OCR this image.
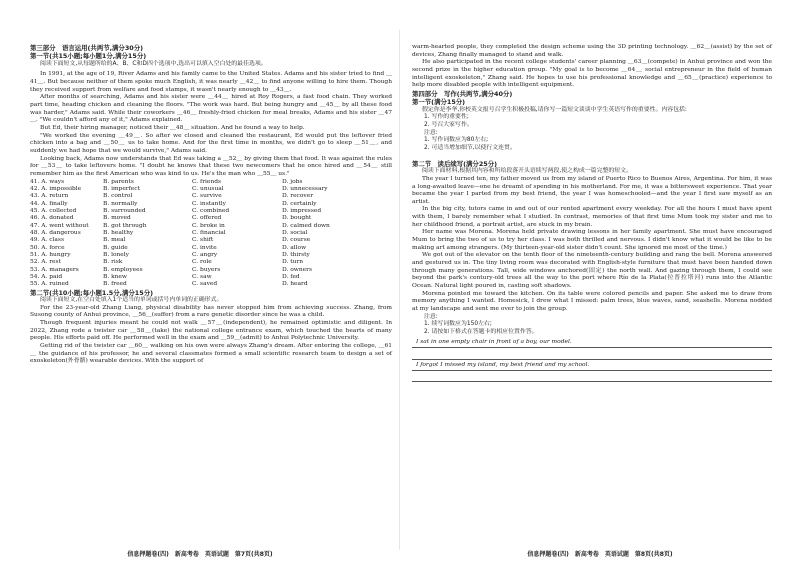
第三部分　语言运用(共两节,满分30分)

第一节(共15小题;每小题1分,满分15分)

阅读下面短文,从每题所给的A、B、C和D四个选项中,选出可以填入空白处的最佳选项。

In 1991, at the age of 19, River Adams and his family came to the United States. Adams and his sister tried to find ＿41＿. But because neither of them spoke much English, it was nearly ＿42＿ to find anyone willing to hire them. Though they received support from welfare and food stamps, it wasn't nearly enough to ＿43＿.

After months of searching, Adams and his sister were ＿44＿ hired at Roy Rogers, a fast food chain. They worked part time, heading chicken and cleaning the floors. "The work was hard. But being hungry and ＿45＿ by all these food was harder," Adams said. While their coworkers ＿46＿ freshly-fried chicken for meal breaks, Adams and his sister ＿47＿. "We couldn't afford any of it," Adams explained.

But Ed, their hiring manager, noticed their ＿48＿ situation. And he found a way to help.

"We worked the evening ＿49＿. So after we closed and cleaned the restaurant, Ed would put the leftover fried chicken into a bag and ＿50＿ us to take home. And for the first time in months, we didn't go to sleep ＿51＿, and suddenly we had hope that we would survive," Adams said.

Looking back, Adams now understands that Ed was taking a ＿52＿ by giving them that food. It was against the rules for ＿53＿ to take leftovers home. "I doubt he knows that these two newcomers that he once hired and ＿54＿ still remember him as the first American who was kind to us. He's the man who ＿55＿ us."

41. A. ways	B. parents	C. friends	D. jobs
42. A. impossible	B. imperfect	C. unusual	D. unnecessary
43. A. return	B. control	C. survive	D. recover
44. A. finally	B. normally	C. instantly	D. certainly
45. A. collected	B. surrounded	C. combined	D. impressed
46. A. donated	B. moved	C. offered	D. bought
47. A. went without	B. got through	C. broke in	D. calmed down
48. A. dangerous	B. healthy	C. financial	D. social
49. A. class	B. meal	C. shift	D. course
50. A. force	B. guide	C. invite	D. allow
51. A. hungry	B. lonely	C. angry	D. thirsty
52. A. rest	B. risk	C. role	D. turn
53. A. managers	B. employees	C. buyers	D. owners
54. A. paid	B. knew	C. saw	D. fed
55. A. ruined	B. freed	C. saved	D. heard

第二节(共10小题;每小题1.5分,满分15分)

阅读下面短文,在空白处填入1个适当的单词或括号内单词的正确形式。

For the 23-year-old Zhang Liang, physical disability has never stopped him from achieving success. Zhang, from Susong county of Anhui province, ＿56＿(suffer) from a rare genetic disorder since he was a child.

Though frequent injuries meant he could not walk ＿57＿(independent), he remained optimistic and diligent. In 2022, Zhang rode a twister car ＿58＿(take) the national college entrance exam, which touched the hearts of many people. His efforts paid off. He performed well in the exam and ＿59＿(admit) to Anhui Polytechnic University.

Getting rid of the twister car ＿60＿ walking on his own were always Zhang's dream. After entering the college, ＿61＿ the guidance of his professor, he and several classmates formed a small scientific research team to design a set of exoskeleton(外骨骼) wearable devices. With the support of

信息押题卷(四)　新高考卷　英语试题　第7页(共8页)

warm-hearted people, they completed the design scheme using the 3D printing technology. ＿62＿(assist) by the set of devices, Zhang finally managed to stand and walk.

He also participated in the recent college students' career planning ＿63＿(compete) in Anhui province and won the second prize in the higher education group. "My goal is to become ＿64＿ social entrepreneur in the field of human intelligent exoskeleton," Zhang said. He hopes to use his professional knowledge and ＿65＿(practice) experience to help more disabled people with intelligent equipment.

第四部分　写作(共两节,满分40分)

第一节(满分15分)

假定你是李华,你校英文报号召学生积极投稿,请你写一篇短文谈谈中学生英语写作的重要性。内容包括:

1. 写作的重要性;

2. 号召大家写作。

注意:

1. 写作词数应为80左右;

2. 可适当增加细节,以使行文连贯。

第二节　读后续写(满分25分)

阅读下面材料,根据其内容和所给段落开头语续写两段,使之构成一篇完整的短文。

The year I turned ten, my father moved us from my island of Puerto Rico to Buenos Aires, Argentina. For him, it was a long-awaited leave—one he dreamt of spending in his motherland. For me, it was a bittersweet experience. That year became the year I parted from my best friend, the year I was homeschooled—and the year I first saw myself as an artist.

In the big city, tutors came in and out of our rented apartment every weekday. For all the hours I must have spent with them, I barely remember what I studied. In contrast, memories of that first time Mum took my sister and me to her childhood friend, a portrait artist, are stuck in my brain.

Her name was Morena. Morena held private drawing lessons in her family apartment. She must have encouraged Mum to bring the two of us to try her class. I was both thrilled and nervous. I didn't know what it would be like to be making art among strangers. (My thirteen-year-old sister didn't count. She ignored me most of the time.)

We got out of the elevator on the tenth floor of the nineteenth-century building and rang the bell. Morena answered and gestured us in. The tiny living room was decorated with English-style furniture that must have been handed down through many generations. Tall, wide windows anchored(固定) the north wall. And gazing through them, I could see beyond the park's century-old trees all the way to the port where Río de la Plata(拉普拉塔河) runs into the Atlantic Ocean. Natural light poured in, casting soft shadows.

Morena pointed me toward the kitchen. On its table were colored pencils and paper. She asked me to draw from memory anything I wanted. Homesick, I drew what I missed: palm trees, blue waves, sand, seashells. Morena nodded at my landscape and sent me over to join the group.

注意:

1. 续写词数应为150左右;

2. 请按如下格式在答题卡的相应位置作答。

I sat in one empty chair in front of a boy, our model.
I forgot I missed my island, my best friend and my school.
信息押题卷(四)　新高考卷　英语试题　第8页(共8页)
